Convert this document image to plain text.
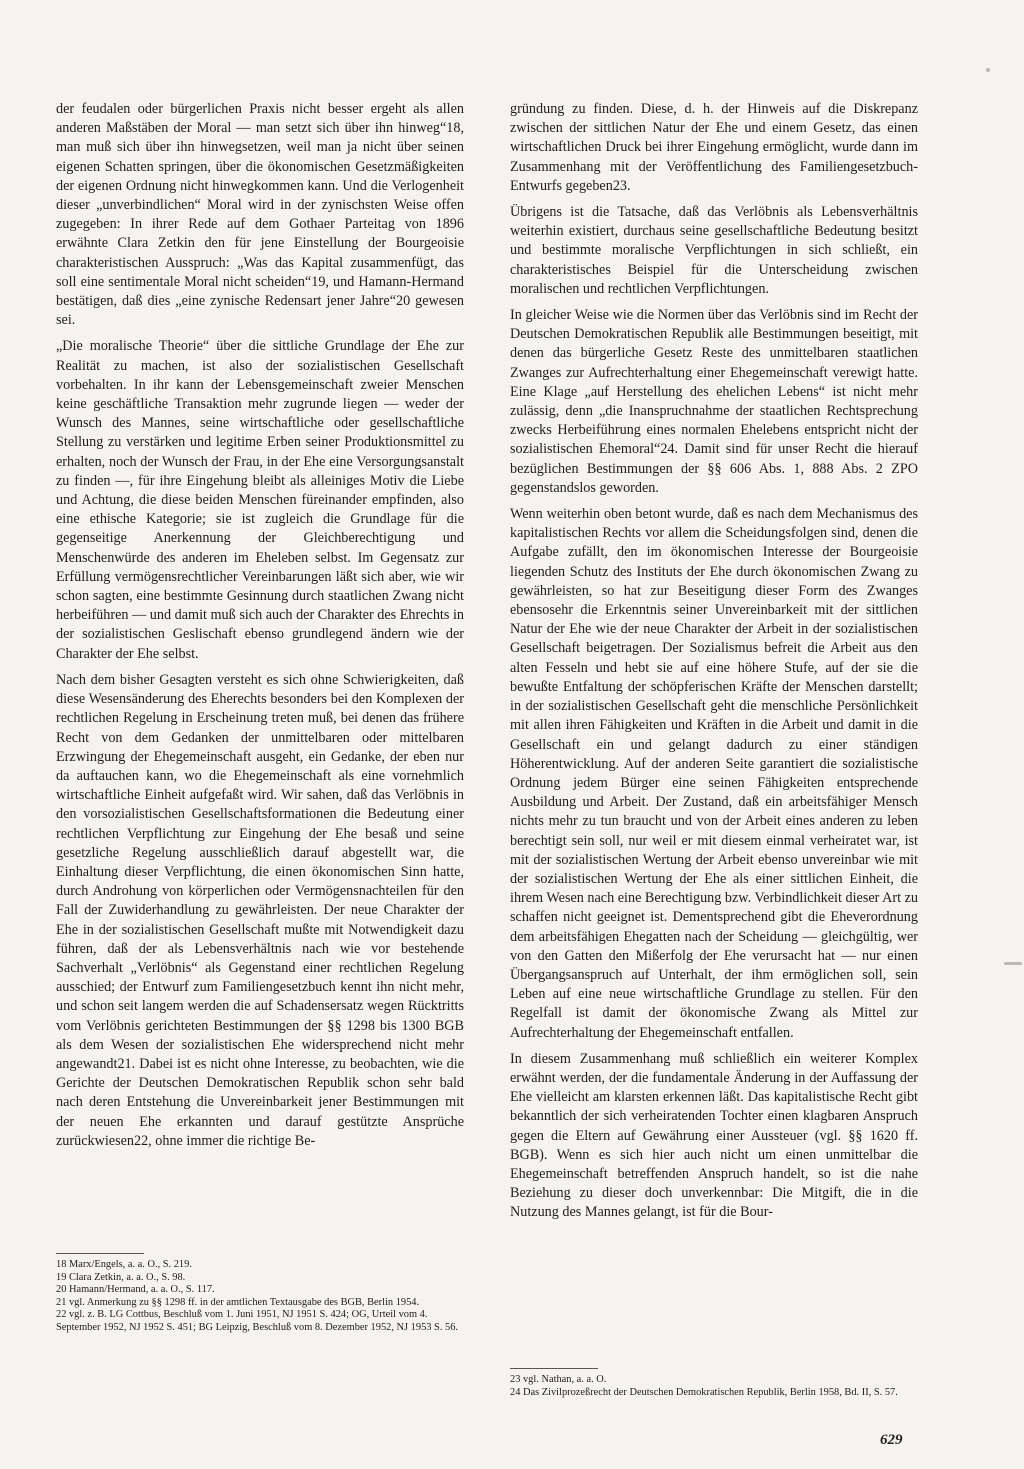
der feudalen oder bürgerlichen Praxis nicht besser ergeht als allen anderen Maßstäben der Moral — man setzt sich über ihn hinweg“18, man muß sich über ihn hinwegsetzen, weil man ja nicht über seinen eigenen Schatten springen, über die ökonomischen Gesetzmäßigkeiten der eigenen Ordnung nicht hinwegkommen kann. Und die Verlogenheit dieser „unverbindlichen“ Moral wird in der zynischsten Weise offen zugegeben: In ihrer Rede auf dem Gothaer Parteitag von 1896 erwähnte Clara Zetkin den für jene Einstellung der Bourgeoisie charakteristischen Ausspruch: „Was das Kapital zusammenfügt, das soll eine sentimentale Moral nicht scheiden“19, und Hamann-Hermand bestätigen, daß dies „eine zynische Redensart jener Jahre“20 gewesen sei.

„Die moralische Theorie“ über die sittliche Grundlage der Ehe zur Realität zu machen, ist also der sozialistischen Gesellschaft vorbehalten. In ihr kann der Lebensgemeinschaft zweier Menschen keine geschäftliche Transaktion mehr zugrunde liegen — weder der Wunsch des Mannes, seine wirtschaftliche oder gesellschaftliche Stellung zu verstärken und legitime Erben seiner Produktionsmittel zu erhalten, noch der Wunsch der Frau, in der Ehe eine Versorgungsanstalt zu finden —, für ihre Eingehung bleibt als alleiniges Motiv die Liebe und Achtung, die diese beiden Menschen füreinander empfinden, also eine ethische Kategorie; sie ist zugleich die Grundlage für die gegenseitige Anerkennung der Gleichberechtigung und Menschenwürde des anderen im Eheleben selbst. Im Gegensatz zur Erfüllung vermögensrechtlicher Vereinbarungen läßt sich aber, wie wir schon sagten, eine bestimmte Gesinnung durch staatlichen Zwang nicht herbeiführen — und damit muß sich auch der Charakter des Ehrechts in der sozialistischen Geslischaft ebenso grundlegend ändern wie der Charakter der Ehe selbst.

Nach dem bisher Gesagten versteht es sich ohne Schwierigkeiten, daß diese Wesensänderung des Eherechts besonders bei den Komplexen der rechtlichen Regelung in Erscheinung treten muß, bei denen das frühere Recht von dem Gedanken der unmittelbaren oder mittelbaren Erzwingung der Ehegemeinschaft ausgeht, ein Gedanke, der eben nur da auftauchen kann, wo die Ehegemeinschaft als eine vornehmlich wirtschaftliche Einheit aufgefaßt wird. Wir sahen, daß das Verlöbnis in den vorsozialistischen Gesellschaftsformationen die Bedeutung einer rechtlichen Verpflichtung zur Eingehung der Ehe besaß und seine gesetzliche Regelung ausschließlich darauf abgestellt war, die Einhaltung dieser Verpflichtung, die einen ökonomischen Sinn hatte, durch Androhung von körperlichen oder Vermögensnachteilen für den Fall der Zuwiderhandlung zu gewährleisten. Der neue Charakter der Ehe in der sozialistischen Gesellschaft mußte mit Notwendigkeit dazu führen, daß der als Lebensverhältnis nach wie vor bestehende Sachverhalt „Verlöbnis“ als Gegenstand einer rechtlichen Regelung ausschied; der Entwurf zum Familiengesetzbuch kennt ihn nicht mehr, und schon seit langem werden die auf Schadensersatz wegen Rücktritts vom Verlöbnis gerichteten Bestimmungen der §§ 1298 bis 1300 BGB als dem Wesen der sozialistischen Ehe widersprechend nicht mehr angewandt21. Dabei ist es nicht ohne Interesse, zu beobachten, wie die Gerichte der Deutschen Demokratischen Republik schon sehr bald nach deren Entstehung die Unvereinbarkeit jener Bestimmungen mit der neuen Ehe erkannten und darauf gestützte Ansprüche zurückwiesen22, ohne immer die richtige Be-

gründung zu finden. Diese, d. h. der Hinweis auf die Diskrepanz zwischen der sittlichen Natur der Ehe und einem Gesetz, das einen wirtschaftlichen Druck bei ihrer Eingehung ermöglicht, wurde dann im Zusammenhang mit der Veröffentlichung des Familiengesetzbuch-Entwurfs gegeben23.

Übrigens ist die Tatsache, daß das Verlöbnis als Lebensverhältnis weiterhin existiert, durchaus seine gesellschaftliche Bedeutung besitzt und bestimmte moralische Verpflichtungen in sich schließt, ein charakteristisches Beispiel für die Unterscheidung zwischen moralischen und rechtlichen Verpflichtungen.

In gleicher Weise wie die Normen über das Verlöbnis sind im Recht der Deutschen Demokratischen Republik alle Bestimmungen beseitigt, mit denen das bürgerliche Gesetz Reste des unmittelbaren staatlichen Zwanges zur Aufrechterhaltung einer Ehegemeinschaft verewigt hatte. Eine Klage „auf Herstellung des ehelichen Lebens“ ist nicht mehr zulässig, denn „die Inanspruchnahme der staatlichen Rechtsprechung zwecks Herbeiführung eines normalen Ehelebens entspricht nicht der sozialistischen Ehemoral“24. Damit sind für unser Recht die hierauf bezüglichen Bestimmungen der §§ 606 Abs. 1, 888 Abs. 2 ZPO gegenstandslos geworden.

Wenn weiterhin oben betont wurde, daß es nach dem Mechanismus des kapitalistischen Rechts vor allem die Scheidungsfolgen sind, denen die Aufgabe zufällt, den im ökonomischen Interesse der Bourgeoisie liegenden Schutz des Instituts der Ehe durch ökonomischen Zwang zu gewährleisten, so hat zur Beseitigung dieser Form des Zwanges ebensosehr die Erkenntnis seiner Unvereinbarkeit mit der sittlichen Natur der Ehe wie der neue Charakter der Arbeit in der sozialistischen Gesellschaft beigetragen. Der Sozialismus befreit die Arbeit aus den alten Fesseln und hebt sie auf eine höhere Stufe, auf der sie die bewußte Entfaltung der schöpferischen Kräfte der Menschen darstellt; in der sozialistischen Gesellschaft geht die menschliche Persönlichkeit mit allen ihren Fähigkeiten und Kräften in die Arbeit und damit in die Gesellschaft ein und gelangt dadurch zu einer ständigen Höherentwicklung. Auf der anderen Seite garantiert die sozialistische Ordnung jedem Bürger eine seinen Fähigkeiten entsprechende Ausbildung und Arbeit. Der Zustand, daß ein arbeitsfähiger Mensch nichts mehr zu tun braucht und von der Arbeit eines anderen zu leben berechtigt sein soll, nur weil er mit diesem einmal verheiratet war, ist mit der sozialistischen Wertung der Arbeit ebenso unvereinbar wie mit der sozialistischen Wertung der Ehe als einer sittlichen Einheit, die ihrem Wesen nach eine Berechtigung bzw. Verbindlichkeit dieser Art zu schaffen nicht geeignet ist. Dementsprechend gibt die Eheverordnung dem arbeitsfähigen Ehegatten nach der Scheidung — gleichgültig, wer von den Gatten den Mißerfolg der Ehe verursacht hat — nur einen Übergangsanspruch auf Unterhalt, der ihm ermöglichen soll, sein Leben auf eine neue wirtschaftliche Grundlage zu stellen. Für den Regelfall ist damit der ökonomische Zwang als Mittel zur Aufrechterhaltung der Ehegemeinschaft entfallen.

In diesem Zusammenhang muß schließlich ein weiterer Komplex erwähnt werden, der die fundamentale Änderung in der Auffassung der Ehe vielleicht am klarsten erkennen läßt. Das kapitalistische Recht gibt bekanntlich der sich verheiratenden Tochter einen klagbaren Anspruch gegen die Eltern auf Gewährung einer Aussteuer (vgl. §§ 1620 ff. BGB). Wenn es sich hier auch nicht um einen unmittelbar die Ehegemeinschaft betreffenden Anspruch handelt, so ist die nahe Beziehung zu dieser doch unverkennbar: Die Mitgift, die in die Nutzung des Mannes gelangt, ist für die Bour-

18 Marx/Engels, a. a. O., S. 219.

19 Clara Zetkin, a. a. O., S. 98.

20 Hamann/Hermand, a. a. O., S. 117.

21 vgl. Anmerkung zu §§ 1298 ff. in der amtlichen Textausgabe des BGB, Berlin 1954.

22 vgl. z. B. LG Cottbus, Beschluß vom 1. Juni 1951, NJ 1951 S. 424; OG, Urteil vom 4. September 1952, NJ 1952 S. 451; BG Leipzig, Beschluß vom 8. Dezember 1952, NJ 1953 S. 56.

23 vgl. Nathan, a. a. O.

24 Das Zivilprozeßrecht der Deutschen Demokratischen Republik, Berlin 1958, Bd. II, S. 57.

629
